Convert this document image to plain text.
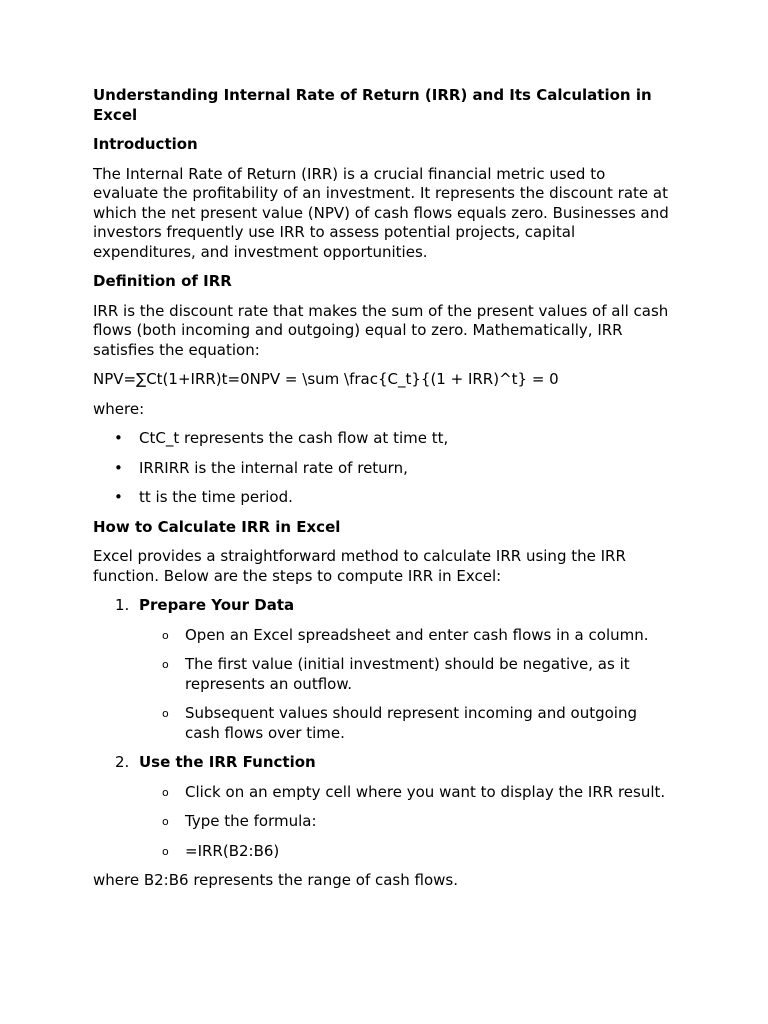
Understanding Internal Rate of Return (IRR) and Its Calculation in Excel

Introduction

The Internal Rate of Return (IRR) is a crucial financial metric used to evaluate the profitability of an investment. It represents the discount rate at which the net present value (NPV) of cash flows equals zero. Businesses and investors frequently use IRR to assess potential projects, capital expenditures, and investment opportunities.

Definition of IRR

IRR is the discount rate that makes the sum of the present values of all cash flows (both incoming and outgoing) equal to zero. Mathematically, IRR satisfies the equation:

NPV=∑Ct(1+IRR)t=0NPV = \sum \frac{C_t}{(1 + IRR)^t} = 0

where:

• CtC_t represents the cash flow at time tt,
• IRRIRR is the internal rate of return,
• tt is the time period.

How to Calculate IRR in Excel

Excel provides a straightforward method to calculate IRR using the IRR function. Below are the steps to compute IRR in Excel:

1. Prepare Your Data
o Open an Excel spreadsheet and enter cash flows in a column.
o The first value (initial investment) should be negative, as it represents an outflow.
o Subsequent values should represent incoming and outgoing cash flows over time.
2. Use the IRR Function
o Click on an empty cell where you want to display the IRR result.
o Type the formula:
o =IRR(B2:B6)

where B2:B6 represents the range of cash flows.
